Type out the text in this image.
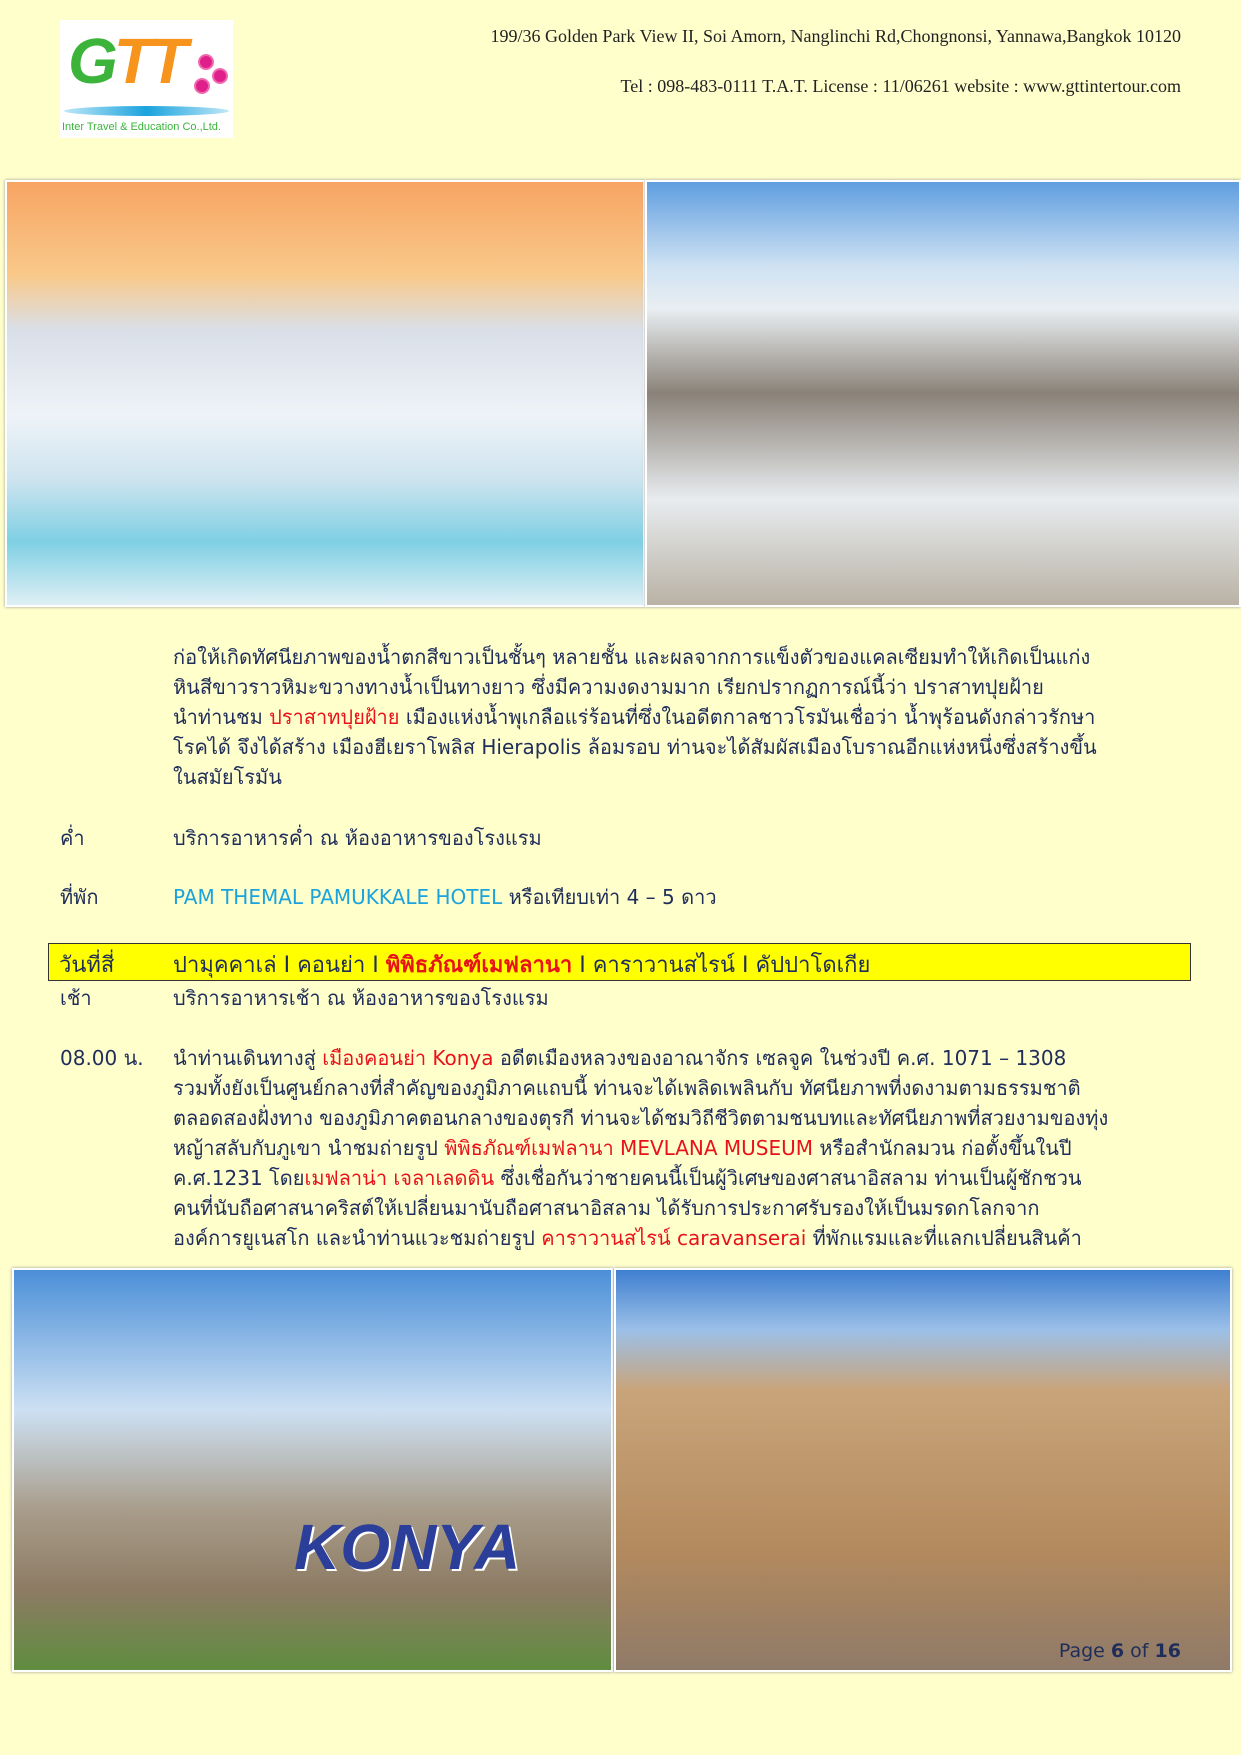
GTT
Inter Travel & Education Co.,Ltd.
199/36 Golden Park View II, Soi Amorn, Nanglinchi Rd,Chongnonsi, Yannawa,Bangkok 10120
Tel : 098-483-0111 T.A.T. License : 11/06261 website : www.gttintertour.com
ก่อให้เกิดทัศนียภาพของน้ำตกสีขาวเป็นชั้นๆ หลายชั้น และผลจากการแข็งตัวของแคลเซียมทำให้เกิดเป็นแก่ง
หินสีขาวราวหิมะขวางทางน้ำเป็นทางยาว ซึ่งมีความงดงามมาก เรียกปรากฏการณ์นี้ว่า ปราสาทปุยฝ้าย
นำท่านชม ปราสาทปุยฝ้าย เมืองแห่งน้ำพุเกลือแร่ร้อนที่ซึ่งในอดีตกาลชาวโรมันเชื่อว่า น้ำพุร้อนดังกล่าวรักษา
โรคได้ จึงได้สร้าง เมืองฮีเยราโพลิส Hierapolis ล้อมรอบ ท่านจะได้สัมผัสเมืองโบราณอีกแห่งหนึ่งซึ่งสร้างขึ้น
ในสมัยโรมัน
ค่ำ	บริการอาหารค่ำ ณ ห้องอาหารของโรงแรม
ที่พัก	PAM THEMAL PAMUKKALE HOTEL หรือเทียบเท่า 4 – 5 ดาว
วันที่สี่	ปามุคคาเล่ I คอนย่า I พิพิธภัณฑ์เมฟลานา I คาราวานสไรน์ I คัปปาโดเกีย
เช้า	บริการอาหารเช้า ณ ห้องอาหารของโรงแรม
08.00 น. นำท่านเดินทางสู่ เมืองคอนย่า Konya อดีตเมืองหลวงของอาณาจักร เซลจูค ในช่วงปี ค.ศ. 1071 – 1308
รวมทั้งยังเป็นศูนย์กลางที่สำคัญของภูมิภาคแถบนี้ ท่านจะได้เพลิดเพลินกับ ทัศนียภาพที่งดงามตามธรรมชาติ
ตลอดสองฝั่งทาง ของภูมิภาคตอนกลางของตุรกี ท่านจะได้ชมวิถีชีวิตตามชนบทและทัศนียภาพที่สวยงามของทุ่ง
หญ้าสลับกับภูเขา นำชมถ่ายรูป พิพิธภัณฑ์เมฟลานา MEVLANA MUSEUM หรือสำนักลมวน ก่อตั้งขึ้นในปี
ค.ศ.1231 โดยเมฟลาน่า เจลาเลดดิน ซึ่งเชื่อกันว่าชายคนนี้เป็นผู้วิเศษของศาสนาอิสลาม ท่านเป็นผู้ชักชวน
คนที่นับถือศาสนาคริสต์ให้เปลี่ยนมานับถือศาสนาอิสลาม ได้รับการประกาศรับรองให้เป็นมรดกโลกจาก
องค์การยูเนสโก และนำท่านแวะชมถ่ายรูป คาราวานสไรน์ caravanserai ที่พักแรมและที่แลกเปลี่ยนสินค้า
KONYA
Page 6 of 16
